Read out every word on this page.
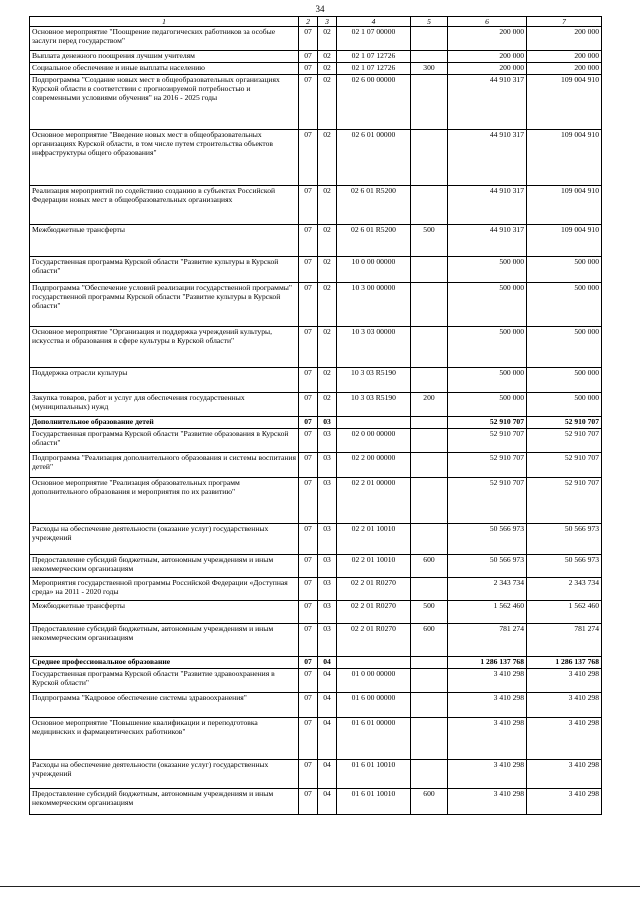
34
1	2	3	4	5	6	7
Основное мероприятие "Поощрение педагогических работников за особые заслуги перед государством"	07	02	02 1 07 00000		200 000	200 000
Выплата денежного поощрения лучшим учителям	07	02	02 1 07 12726		200 000	200 000
Социальное обеспечение и иные выплаты населению	07	02	02 1 07 12726	300	200 000	200 000
Подпрограмма "Создание новых мест в общеобразовательных организациях Курской области в соответствии с прогнозируемой потребностью и современными условиями обучения" на 2016 - 2025 годы	07	02	02 6 00 00000		44 910 317	109 004 910
Основное мероприятие "Введение новых мест в общеобразовательных организациях Курской области, в том числе путем строительства объектов инфраструктуры общего образования"	07	02	02 6 01 00000		44 910 317	109 004 910
Реализация мероприятий по содействию созданию в субъектах Российской Федерации новых мест в общеобразовательных организациях	07	02	02 6 01 R5200		44 910 317	109 004 910
Межбюджетные трансферты	07	02	02 6 01 R5200	500	44 910 317	109 004 910
Государственная программа Курской области "Развитие культуры в Курской области"	07	02	10 0 00 00000		500 000	500 000
Подпрограмма "Обеспечение условий реализации государственной программы" государственной программы Курской области "Развитие культуры в Курской области"	07	02	10 3 00 00000		500 000	500 000
Основное мероприятие "Организация и поддержка учреждений культуры, искусства и образования в сфере культуры в Курской области"	07	02	10 3 03 00000		500 000	500 000
Поддержка отрасли культуры	07	02	10 3 03 R5190		500 000	500 000
Закупка товаров, работ и услуг для обеспечения государственных (муниципальных) нужд	07	02	10 3 03 R5190	200	500 000	500 000
Дополнительное образование детей	07	03			52 910 707	52 910 707
Государственная программа Курской области "Развитие образования в Курской области"	07	03	02 0 00 00000		52 910 707	52 910 707
Подпрограмма "Реализация дополнительного образования и системы воспитания детей"	07	03	02 2 00 00000		52 910 707	52 910 707
Основное мероприятие "Реализация образовательных программ дополнительного образования и мероприятия по их развитию"	07	03	02 2 01 00000		52 910 707	52 910 707
Расходы на обеспечение деятельности (оказание услуг) государственных учреждений	07	03	02 2 01 10010		50 566 973	50 566 973
Предоставление субсидий бюджетным, автономным учреждениям и иным некоммерческим организациям	07	03	02 2 01 10010	600	50 566 973	50 566 973
Мероприятия государственной программы Российской Федерации «Доступная среда» на 2011 - 2020 годы	07	03	02 2 01 R0270		2 343 734	2 343 734
Межбюджетные трансферты	07	03	02 2 01 R0270	500	1 562 460	1 562 460
Предоставление субсидий бюджетным, автономным учреждениям и иным некоммерческим организациям	07	03	02 2 01 R0270	600	781 274	781 274
Среднее профессиональное образование	07	04			1 286 137 768	1 286 137 768
Государственная программа Курской области "Развитие здравоохранения в Курской области"	07	04	01 0 00 00000		3 410 298	3 410 298
Подпрограмма "Кадровое обеспечение системы здравоохранения"	07	04	01 6 00 00000		3 410 298	3 410 298
Основное мероприятие "Повышение квалификации и переподготовка медицинских и фармацевтических работников"	07	04	01 6 01 00000		3 410 298	3 410 298
Расходы на обеспечение деятельности (оказание услуг) государственных учреждений	07	04	01 6 01 10010		3 410 298	3 410 298
Предоставление субсидий бюджетным, автономным учреждениям и иным некоммерческим организациям	07	04	01 6 01 10010	600	3 410 298	3 410 298
